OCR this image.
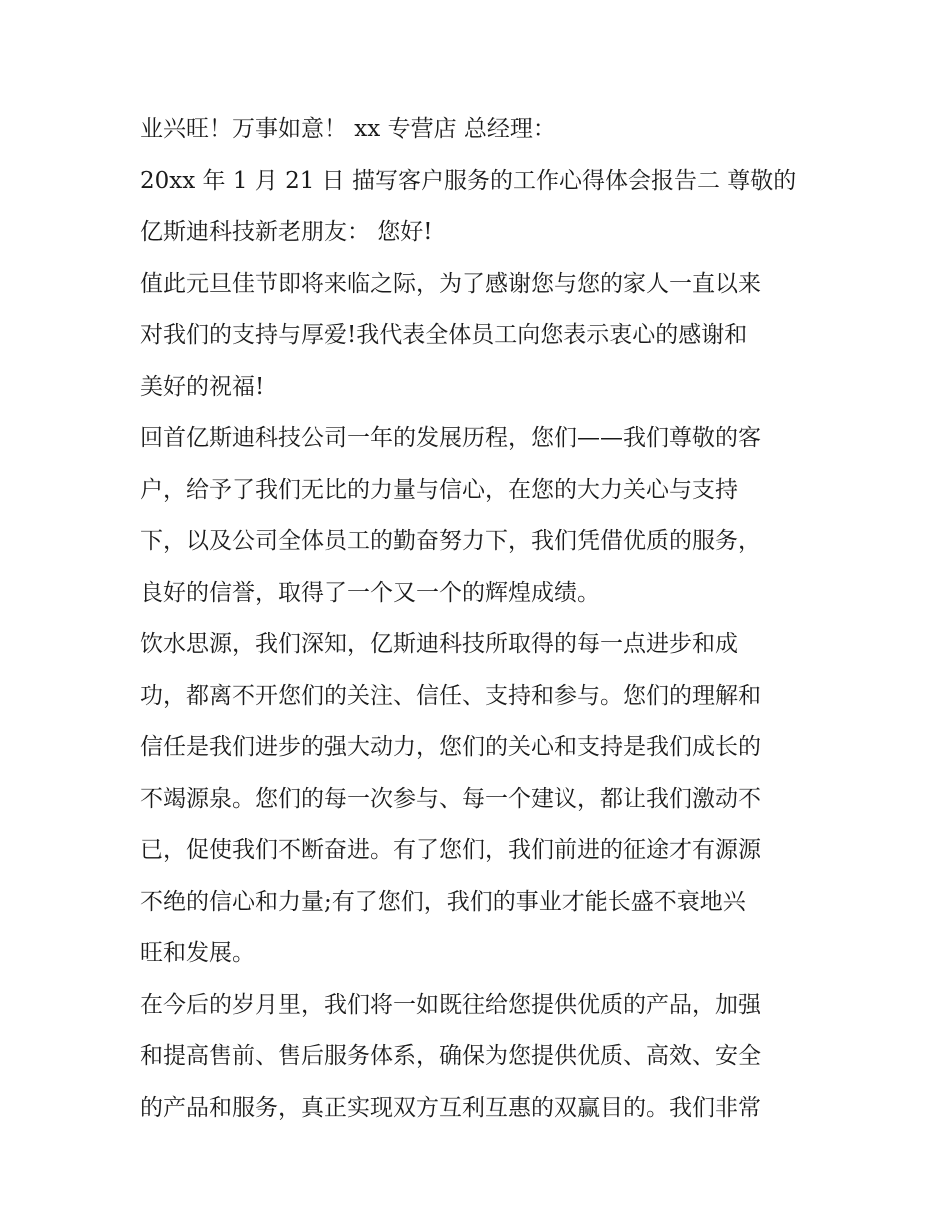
业兴旺！万事如意！ xx 专营店 总经理：
20xx 年 1 月 21 日 描写客户服务的工作心得体会报告二 尊敬的
亿斯迪科技新老朋友： 您好!
值此元旦佳节即将来临之际，为了感谢您与您的家人一直以来
对我们的支持与厚爱!我代表全体员工向您表示衷心的感谢和
美好的祝福!
回首亿斯迪科技公司一年的发展历程，您们——我们尊敬的客
户，给予了我们无比的力量与信心，在您的大力关心与支持
下，以及公司全体员工的勤奋努力下，我们凭借优质的服务，
良好的信誉，取得了一个又一个的辉煌成绩。
饮水思源，我们深知，亿斯迪科技所取得的每一点进步和成
功，都离不开您们的关注、信任、支持和参与。您们的理解和
信任是我们进步的强大动力，您们的关心和支持是我们成长的
不竭源泉。您们的每一次参与、每一个建议，都让我们激动不
已，促使我们不断奋进。有了您们，我们前进的征途才有源源
不绝的信心和力量;有了您们，我们的事业才能长盛不衰地兴
旺和发展。
在今后的岁月里，我们将一如既往给您提供优质的产品，加强
和提高售前、售后服务体系，确保为您提供优质、高效、安全
的产品和服务，真正实现双方互利互惠的双赢目的。我们非常
